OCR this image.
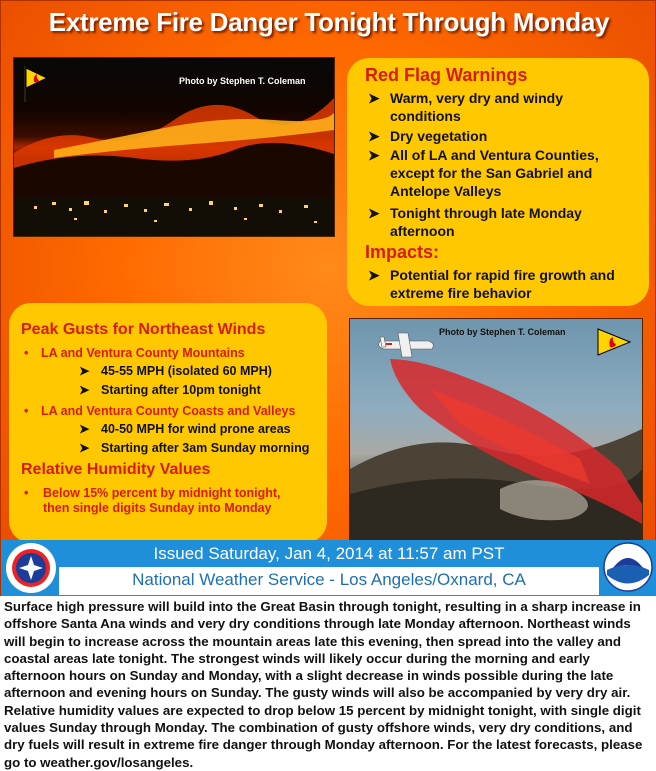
Extreme Fire Danger Tonight Through Monday
Photo by Stephen T. Coleman	Red Flag Warnings
➤ Warm, very dry and windy conditions
➤ Dry vegetation
➤ All of LA and Ventura Counties, except for the San Gabriel and Antelope Valleys
➤ Tonight through late Monday afternoon
Impacts:
➤ Potential for rapid fire growth and extreme fire behavior
Peak Gusts for Northeast Winds
• LA and Ventura County Mountains
➤ 45-55 MPH (isolated 60 MPH)
➤ Starting after 10pm tonight
• LA and Ventura County Coasts and Valleys
➤ 40-50 MPH for wind prone areas
➤ Starting after 3am Sunday morning
Relative Humidity Values
• Below 15% percent by midnight tonight, then single digits Sunday into Monday
Photo by Stephen T. Coleman
Issued Saturday, Jan 4, 2014 at 11:57 am PST
National Weather Service - Los Angeles/Oxnard, CA
Surface high pressure will build into the Great Basin through tonight, resulting in a sharp increase in offshore Santa Ana winds and very dry conditions through late Monday afternoon. Northeast winds will begin to increase across the mountain areas late this evening, then spread into the valley and coastal areas late tonight. The strongest winds will likely occur during the morning and early afternoon hours on Sunday and Monday, with a slight decrease in winds possible during the late afternoon and evening hours on Sunday. The gusty winds will also be accompanied by very dry air. Relative humidity values are expected to drop below 15 percent by midnight tonight, with single digit values Sunday through Monday. The combination of gusty offshore winds, very dry conditions, and dry fuels will result in extreme fire danger through Monday afternoon. For the latest forecasts, please go to weather.gov/losangeles.
